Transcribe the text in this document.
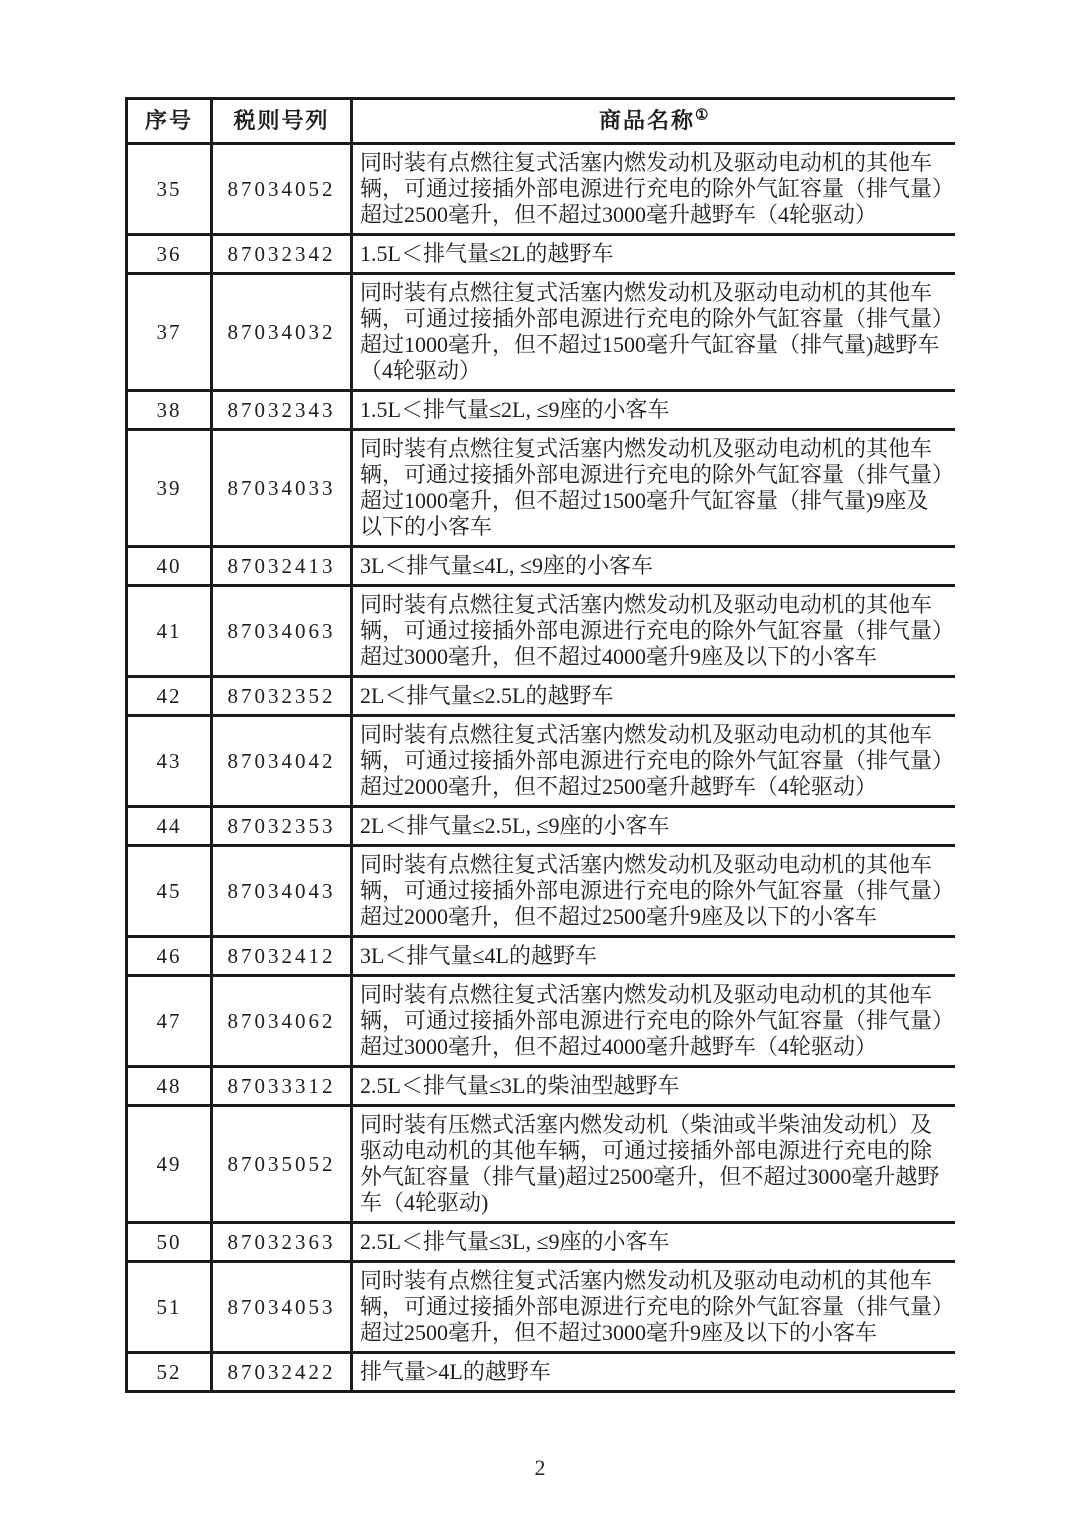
序号	税则号列	商品名称①
35	87034052	同时装有点燃往复式活塞内燃发动机及驱动电动机的其他车辆，可通过接插外部电源进行充电的除外气缸容量（排气量）超过2500毫升，但不超过3000毫升越野车（4轮驱动）
36	87032342	1.5L＜排气量≤2L的越野车
37	87034032	同时装有点燃往复式活塞内燃发动机及驱动电动机的其他车辆，可通过接插外部电源进行充电的除外气缸容量（排气量）超过1000毫升，但不超过1500毫升气缸容量（排气量)越野车（4轮驱动）
38	87032343	1.5L＜排气量≤2L, ≤9座的小客车
39	87034033	同时装有点燃往复式活塞内燃发动机及驱动电动机的其他车辆，可通过接插外部电源进行充电的除外气缸容量（排气量）超过1000毫升，但不超过1500毫升气缸容量（排气量)9座及以下的小客车
40	87032413	3L＜排气量≤4L, ≤9座的小客车
41	87034063	同时装有点燃往复式活塞内燃发动机及驱动电动机的其他车辆，可通过接插外部电源进行充电的除外气缸容量（排气量）超过3000毫升，但不超过4000毫升9座及以下的小客车
42	87032352	2L＜排气量≤2.5L的越野车
43	87034042	同时装有点燃往复式活塞内燃发动机及驱动电动机的其他车辆，可通过接插外部电源进行充电的除外气缸容量（排气量）超过2000毫升，但不超过2500毫升越野车（4轮驱动）
44	87032353	2L＜排气量≤2.5L, ≤9座的小客车
45	87034043	同时装有点燃往复式活塞内燃发动机及驱动电动机的其他车辆，可通过接插外部电源进行充电的除外气缸容量（排气量）超过2000毫升，但不超过2500毫升9座及以下的小客车
46	87032412	3L＜排气量≤4L的越野车
47	87034062	同时装有点燃往复式活塞内燃发动机及驱动电动机的其他车辆，可通过接插外部电源进行充电的除外气缸容量（排气量）超过3000毫升，但不超过4000毫升越野车（4轮驱动）
48	87033312	2.5L＜排气量≤3L的柴油型越野车
49	87035052	同时装有压燃式活塞内燃发动机（柴油或半柴油发动机）及驱动电动机的其他车辆，可通过接插外部电源进行充电的除外气缸容量（排气量)超过2500毫升，但不超过3000毫升越野车（4轮驱动)
50	87032363	2.5L＜排气量≤3L, ≤9座的小客车
51	87034053	同时装有点燃往复式活塞内燃发动机及驱动电动机的其他车辆，可通过接插外部电源进行充电的除外气缸容量（排气量）超过2500毫升，但不超过3000毫升9座及以下的小客车
52	87032422	排气量>4L的越野车
2
